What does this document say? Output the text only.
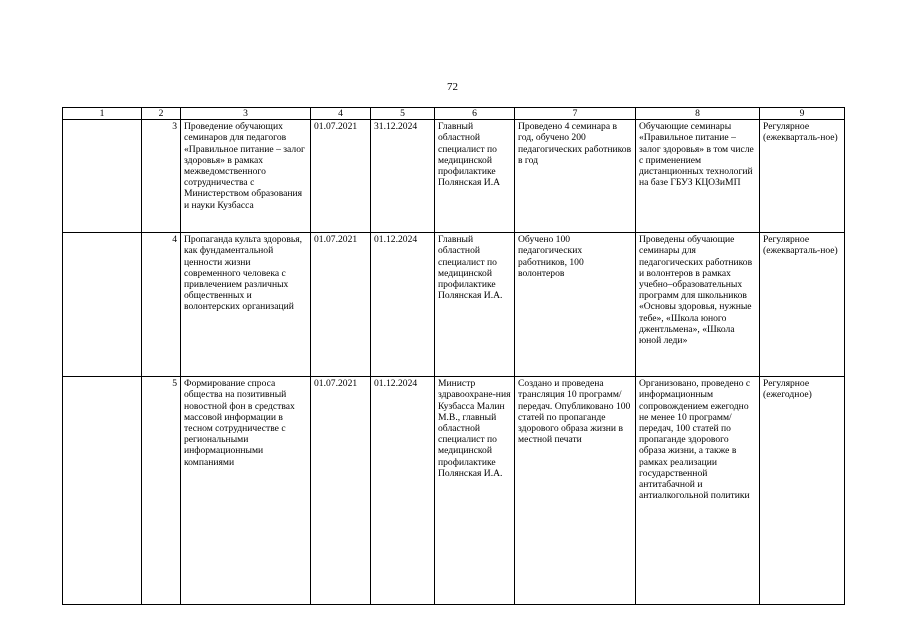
72
1	2	3	4	5	6	7	8	9
	3	Проведение обучающих семинаров для педагогов «Правильное питание – залог здоровья» в рамках межведомственного сотрудничества с Министерством образования и науки Кузбасса	01.07.2021	31.12.2024	Главный областной специалист по медицинской профилактике Полянская И.А	Проведено 4 семинара в год, обучено 200 педагогических работников в год	Обучающие семинары «Правильное питание – залог здоровья» в том числе с применением дистанционных технологий на базе ГБУЗ КЦОЗиМП	Регулярное (ежекварталь-ное)
	4	Пропаганда культа здоровья, как фундаментальной ценности жизни современного человека с привлечением различных общественных и волонтерских организаций	01.07.2021	01.12.2024	Главный областной специалист по медицинской профилактике Полянская И.А.	Обучено 100 педагогических работников, 100 волонтеров	Проведены обучающие семинары для педагогических работников и волонтеров в рамках учебно–образовательных программ для школьников «Основы здоровья, нужные тебе», «Школа юного джентльмена», «Школа юной леди»	Регулярное (ежекварталь-ное)
	5	Формирование спроса общества на позитивный новостной фон в средствах массовой информации в тесном сотрудничестве с региональными информационными компаниями	01.07.2021	01.12.2024	Министр здравоохране-ния Кузбасса Малин М.В., главный областной специалист по медицинской профилактике Полянская И.А.	Создано и проведена трансляция 10 программ/передач. Опубликовано 100 статей по пропаганде здорового образа жизни в местной печати	Организовано, проведено с информационным сопровождением ежегодно не менее 10 программ/передач, 100 статей по пропаганде здорового образа жизни, а также в рамках реализации государственной антитабачной и антиалкогольной политики	Регулярное (ежегодное)
